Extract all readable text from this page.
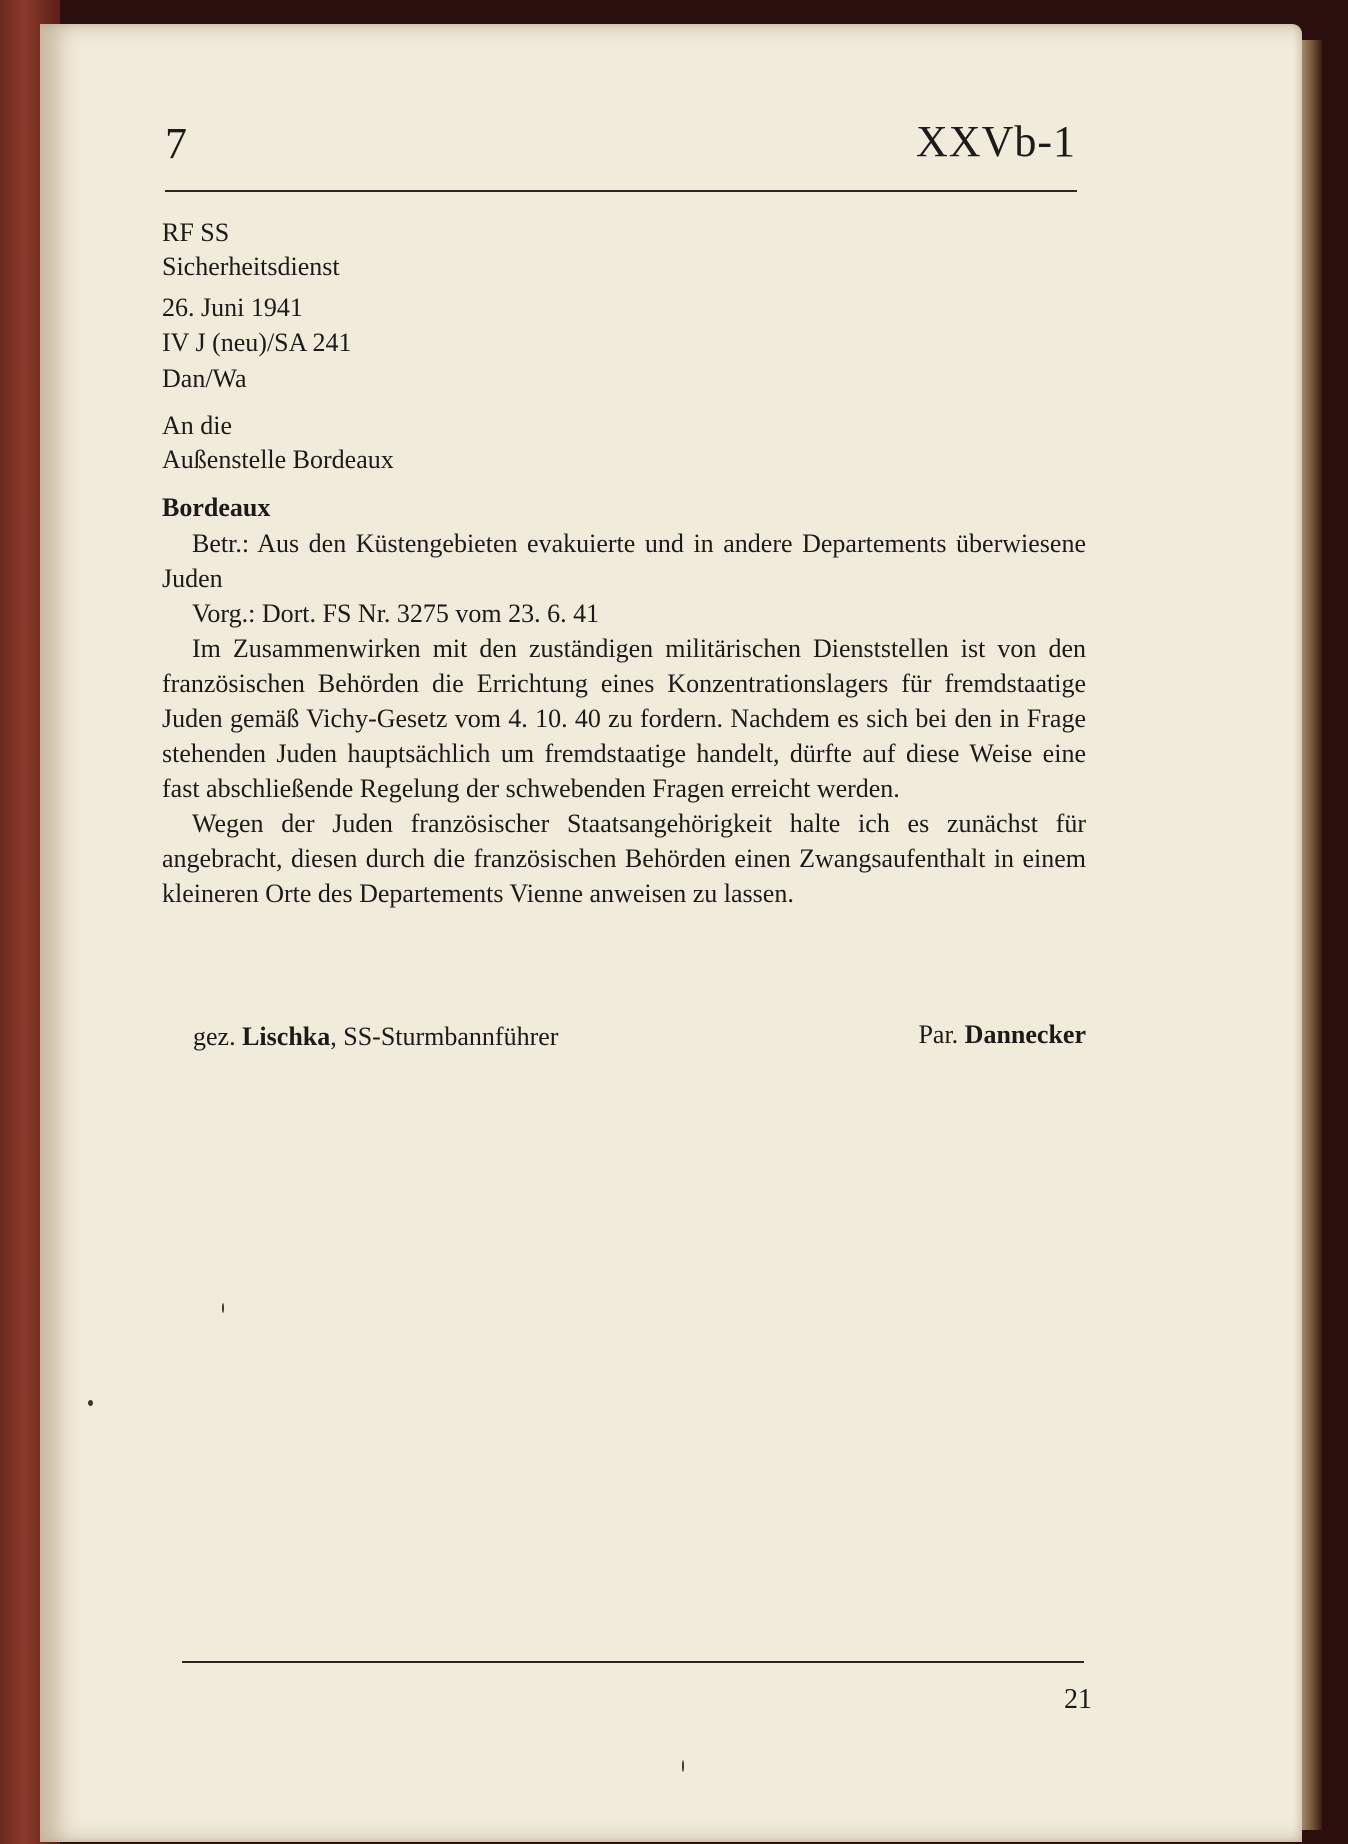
7	XXVb-1
RF SS
Sicherheitsdienst
26. Juni 1941
IV J (neu)/SA 241
Dan/Wa
An die
Außenstelle Bordeaux
Bordeaux

Betr.: Aus den Küstengebieten evakuierte und in andere Departements überwiesene Juden

Vorg.: Dort. FS Nr. 3275 vom 23. 6. 41

Im Zusammenwirken mit den zuständigen militärischen Dienststellen ist von den französischen Behörden die Errichtung eines Konzentrationslagers für fremdstaatige Juden gemäß Vichy-Gesetz vom 4. 10. 40 zu fordern. Nachdem es sich bei den in Frage stehenden Juden hauptsächlich um fremdstaatige handelt, dürfte auf diese Weise eine fast abschließende Regelung der schwebenden Fragen erreicht werden.

Wegen der Juden französischer Staatsangehörigkeit halte ich es zunächst für angebracht, diesen durch die französischen Behörden einen Zwangsaufenthalt in einem kleineren Orte des Departements Vienne anweisen zu lassen.

gez. Lischka, SS-Sturmbannführer	Par. Dannecker
21
